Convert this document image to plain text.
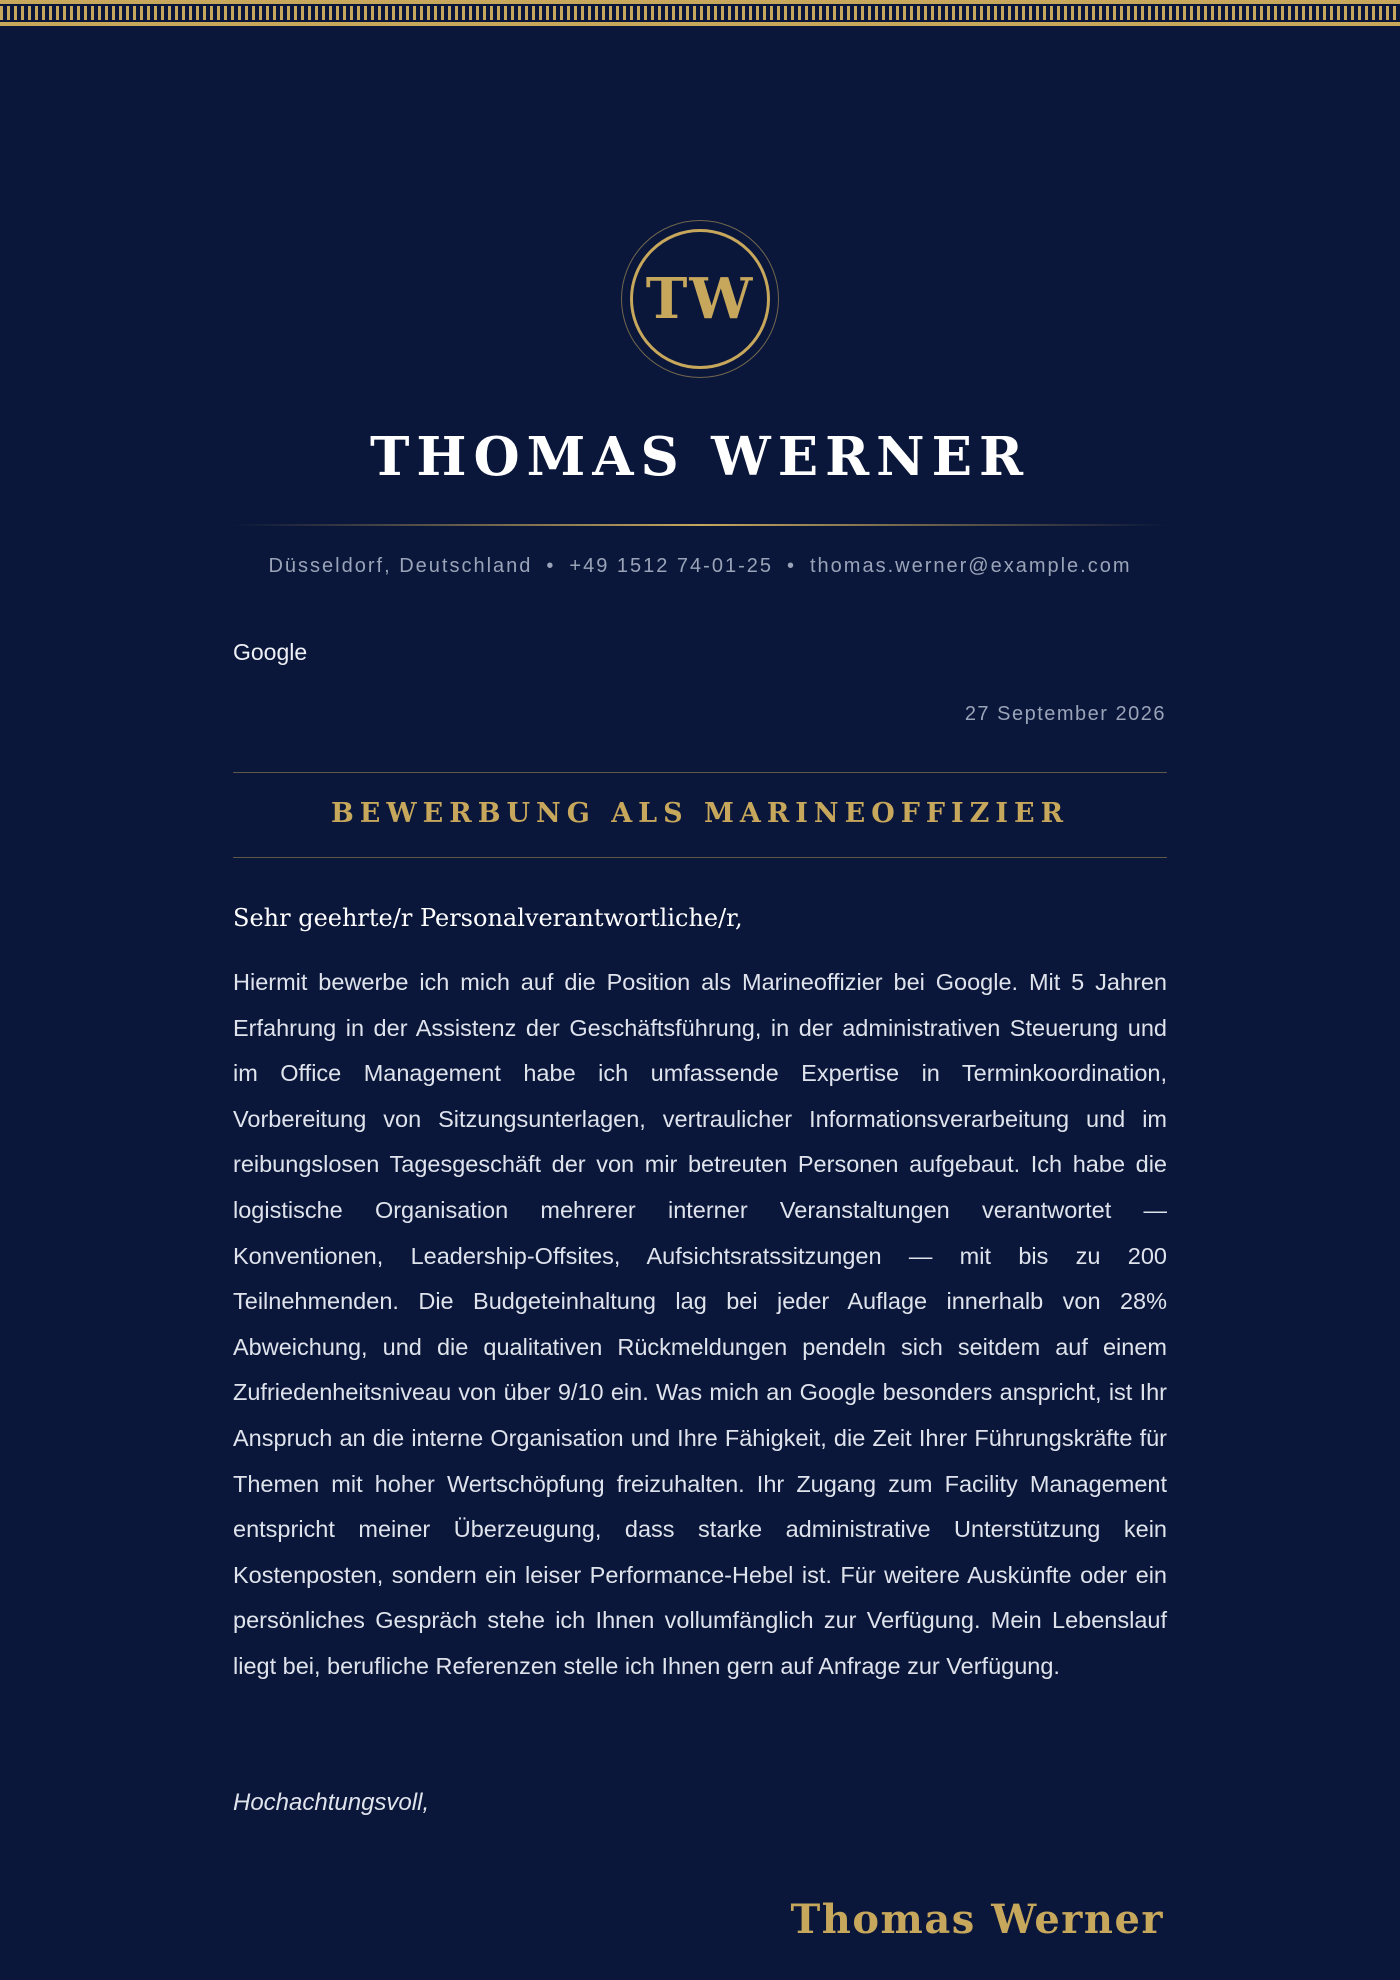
TW
THOMAS WERNER
Düsseldorf, Deutschland • +49 1512 74-01-25 • thomas.werner@example.com
Google
27 September 2026
BEWERBUNG ALS MARINEOFFIZIER
Sehr geehrte/r Personalverantwortliche/r,

Hiermit bewerbe ich mich auf die Position als Marineoffizier bei Google. Mit 5 Jahren Erfahrung in der Assistenz der Geschäftsführung, in der administrativen Steuerung und im Office Management habe ich umfassende Expertise in Terminkoordination, Vorbereitung von Sitzungsunterlagen, vertraulicher Informationsverarbeitung und im reibungslosen Tagesgeschäft der von mir betreuten Personen aufgebaut. Ich habe die logistische Organisation mehrerer interner Veranstaltungen verantwortet — Konventionen, Leadership-Offsites, Aufsichtsratssitzungen — mit bis zu 200 Teilnehmenden. Die Budgeteinhaltung lag bei jeder Auflage innerhalb von 28% Abweichung, und die qualitativen Rückmeldungen pendeln sich seitdem auf einem Zufriedenheitsniveau von über 9/10 ein. Was mich an Google besonders anspricht, ist Ihr Anspruch an die interne Organisation und Ihre Fähigkeit, die Zeit Ihrer Führungskräfte für Themen mit hoher Wertschöpfung freizuhalten. Ihr Zugang zum Facility Management entspricht meiner Überzeugung, dass starke administrative Unterstützung kein Kostenposten, sondern ein leiser Performance-Hebel ist. Für weitere Auskünfte oder ein persönliches Gespräch stehe ich Ihnen vollumfänglich zur Verfügung. Mein Lebenslauf liegt bei, berufliche Referenzen stelle ich Ihnen gern auf Anfrage zur Verfügung.

Hochachtungsvoll,
Thomas Werner
